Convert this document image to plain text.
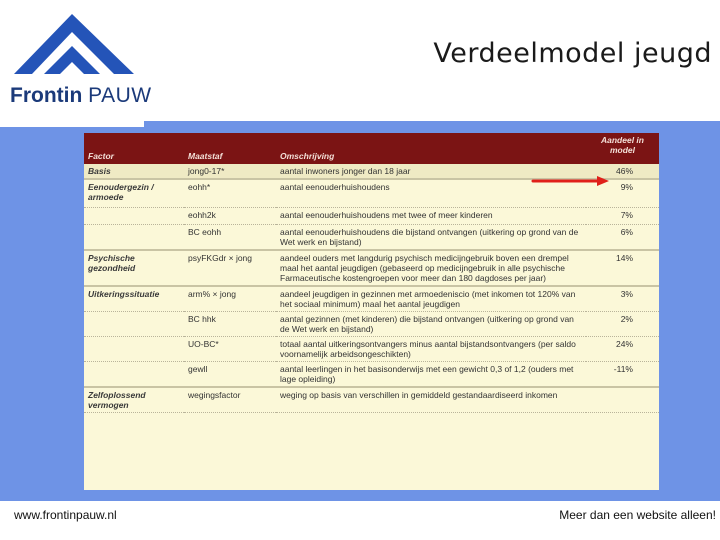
Frontin PAUW
Verdeelmodel jeugd
Factor	Maatstaf	Omschrijving	Aandeel in model
Basis	jong0-17*	aantal inwoners jonger dan 18 jaar	46%
Eenoudergezin / armoede	eohh*	aantal eenouderhuishoudens	9%
	eohh2k	aantal eenouderhuishoudens met twee of meer kinderen	7%
	BC eohh	aantal eenouderhuishoudens die bijstand ontvangen (uitkering op grond van de Wet werk en bijstand)	6%
Psychische gezondheid	psyFKGdr × jong	aandeel ouders met langdurig psychisch medicijngebruik boven een drempel maal het aantal jeugdigen (gebaseerd op medicijngebruik in alle psychische Farmaceutische kostengroepen voor meer dan 180 dagdoses per jaar)	14%
Uitkeringssituatie	arm% × jong	aandeel jeugdigen in gezinnen met armoedeniscio (met inkomen tot 120% van het sociaal minimum) maal het aantal jeugdigen	3%
	BC hhk	aantal gezinnen (met kinderen) die bijstand ontvangen (uitkering op grond van de Wet werk en bijstand)	2%
	UO-BC*	totaal aantal uitkeringsontvangers minus aantal bijstandsontvangers (per saldo voornamelijk arbeidsongeschikten)	24%
	gewll	aantal leerlingen in het basisonderwijs met een gewicht 0,3 of 1,2 (ouders met lage opleiding)	-11%
Zelfoplossend vermogen	wegingsfactor	weging op basis van verschillen in gemiddeld gestandaardiseerd inkomen	
www.frontinpauw.nl	Meer dan een website alleen!
